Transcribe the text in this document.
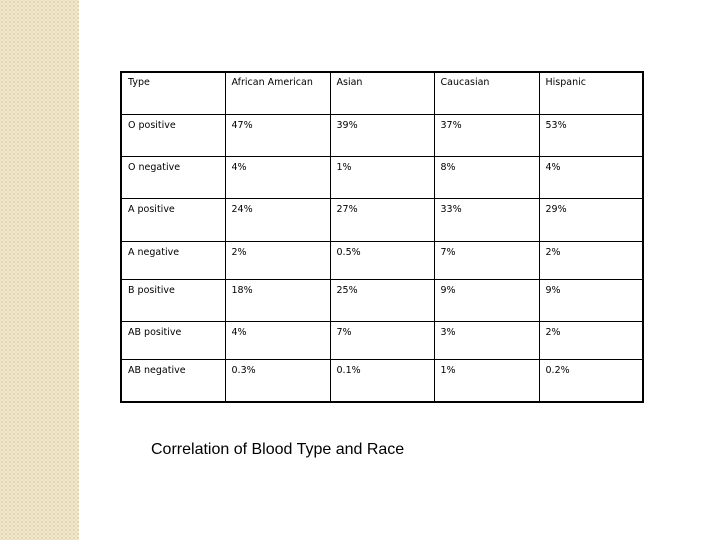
Type	African American	Asian	Caucasian	Hispanic
O positive	47%	39%	37%	53%
O negative	4%	1%	8%	4%
A positive	24%	27%	33%	29%
A negative	2%	0.5%	7%	2%
B positive	18%	25%	9%	9%
AB positive	4%	7%	3%	2%
AB negative	0.3%	0.1%	1%	0.2%
Correlation of Blood Type and Race
